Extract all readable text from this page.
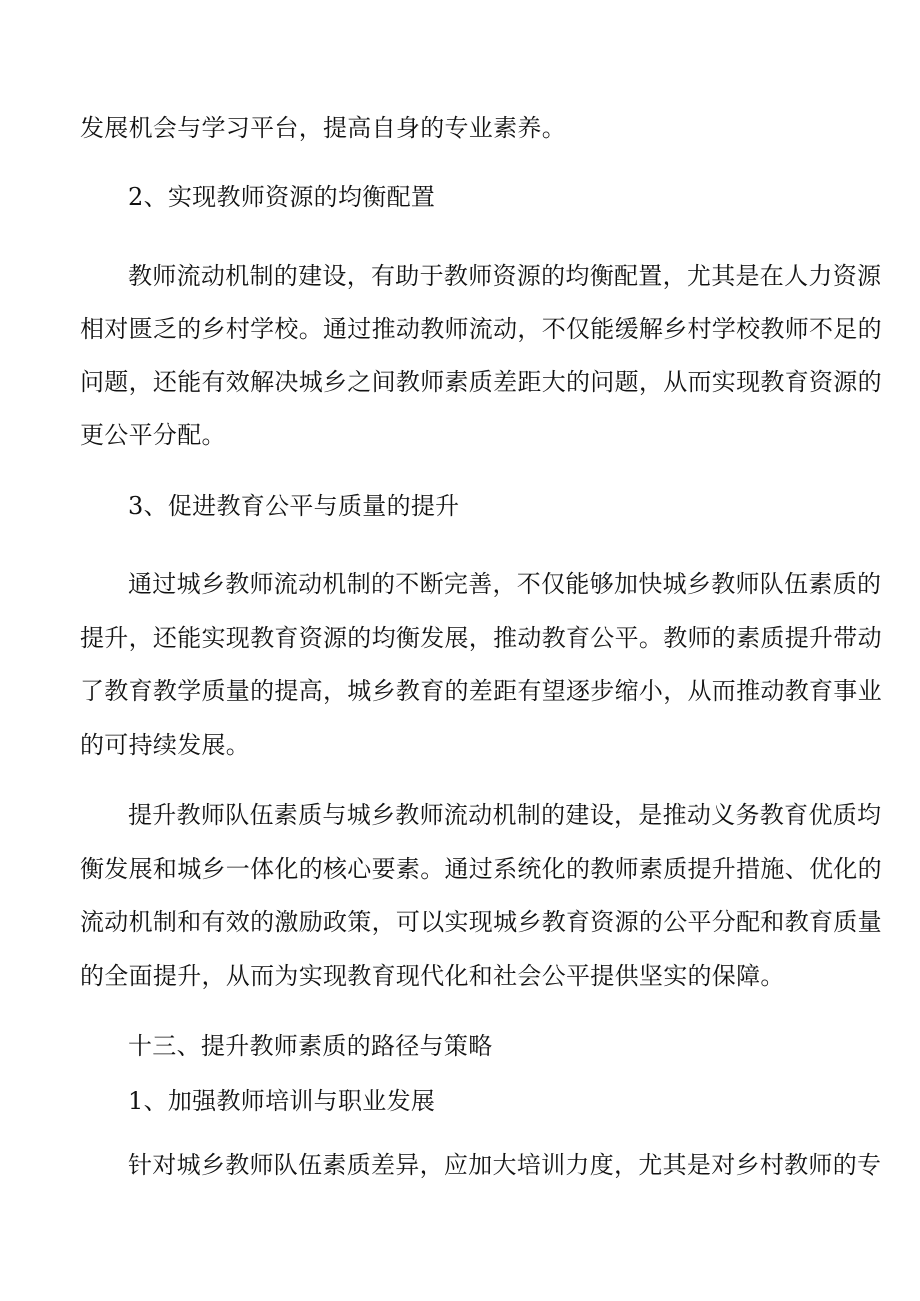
发展机会与学习平台，提高自身的专业素养。
2、实现教师资源的均衡配置
教师流动机制的建设，有助于教师资源的均衡配置，尤其是在人力资源
相对匮乏的乡村学校。通过推动教师流动，不仅能缓解乡村学校教师不足的
问题，还能有效解决城乡之间教师素质差距大的问题，从而实现教育资源的
更公平分配。
3、促进教育公平与质量的提升
通过城乡教师流动机制的不断完善，不仅能够加快城乡教师队伍素质的
提升，还能实现教育资源的均衡发展，推动教育公平。教师的素质提升带动
了教育教学质量的提高，城乡教育的差距有望逐步缩小，从而推动教育事业
的可持续发展。
提升教师队伍素质与城乡教师流动机制的建设，是推动义务教育优质均
衡发展和城乡一体化的核心要素。通过系统化的教师素质提升措施、优化的
流动机制和有效的激励政策，可以实现城乡教育资源的公平分配和教育质量
的全面提升，从而为实现教育现代化和社会公平提供坚实的保障。
十三、提升教师素质的路径与策略
1、加强教师培训与职业发展
针对城乡教师队伍素质差异，应加大培训力度，尤其是对乡村教师的专
